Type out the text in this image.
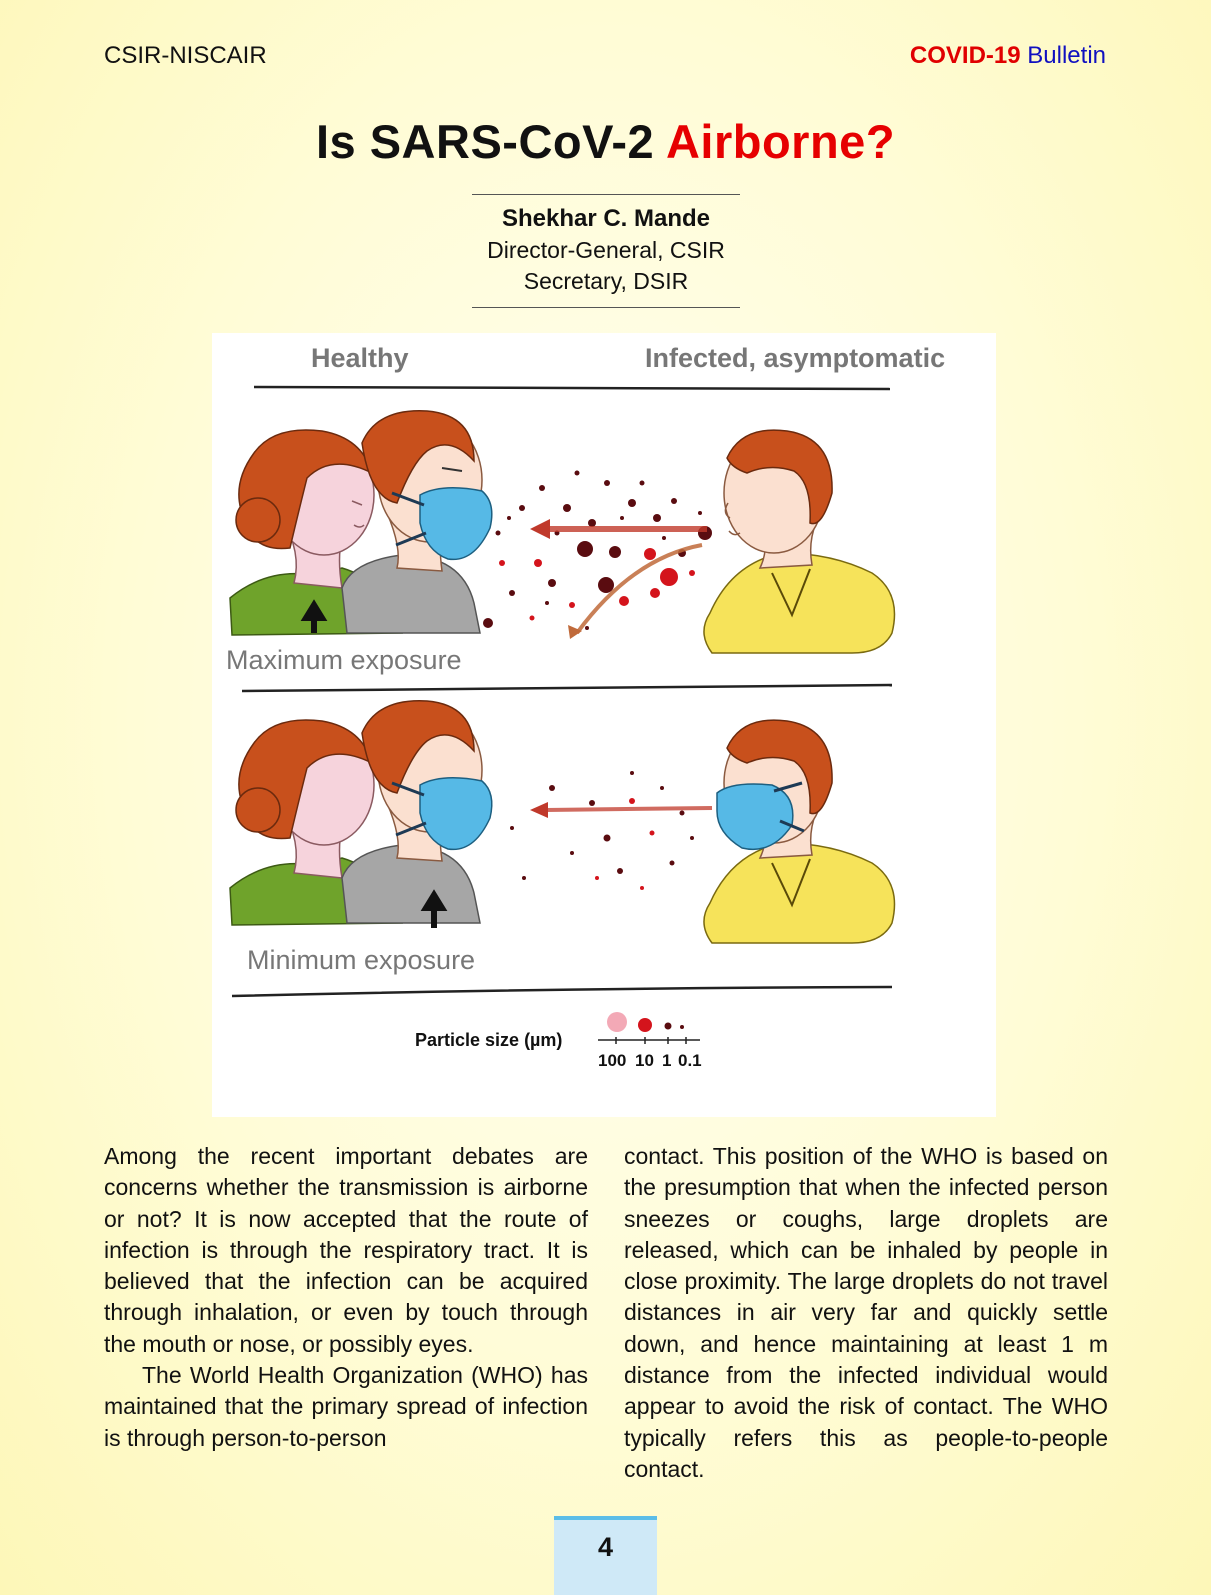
CSIR-NISCAIR	COVID-19 Bulletin
Is SARS-CoV-2 Airborne?
Shekhar C. Mande
Director-General, CSIR
Secretary, DSIR
Healthy	Infected, asymptomatic
Maximum exposure
Minimum exposure
Particle size (µm)
100 10 1 0.1

Among the recent important debates are concerns whether the transmission is airborne or not? It is now accepted that the route of infection is through the respiratory tract. It is believed that the infection can be acquired through inhalation, or even by touch through the mouth or nose, or possibly eyes.

The World Health Organization (WHO) has maintained that the primary spread of infection is through person-to-person

contact. This position of the WHO is based on the presumption that when the infected person sneezes or coughs, large droplets are released, which can be inhaled by people in close proximity. The large droplets do not travel distances in air very far and quickly settle down, and hence maintaining at least 1 m distance from the infected individual would appear to avoid the risk of contact. The WHO typically refers this as people-to-people contact.

4
